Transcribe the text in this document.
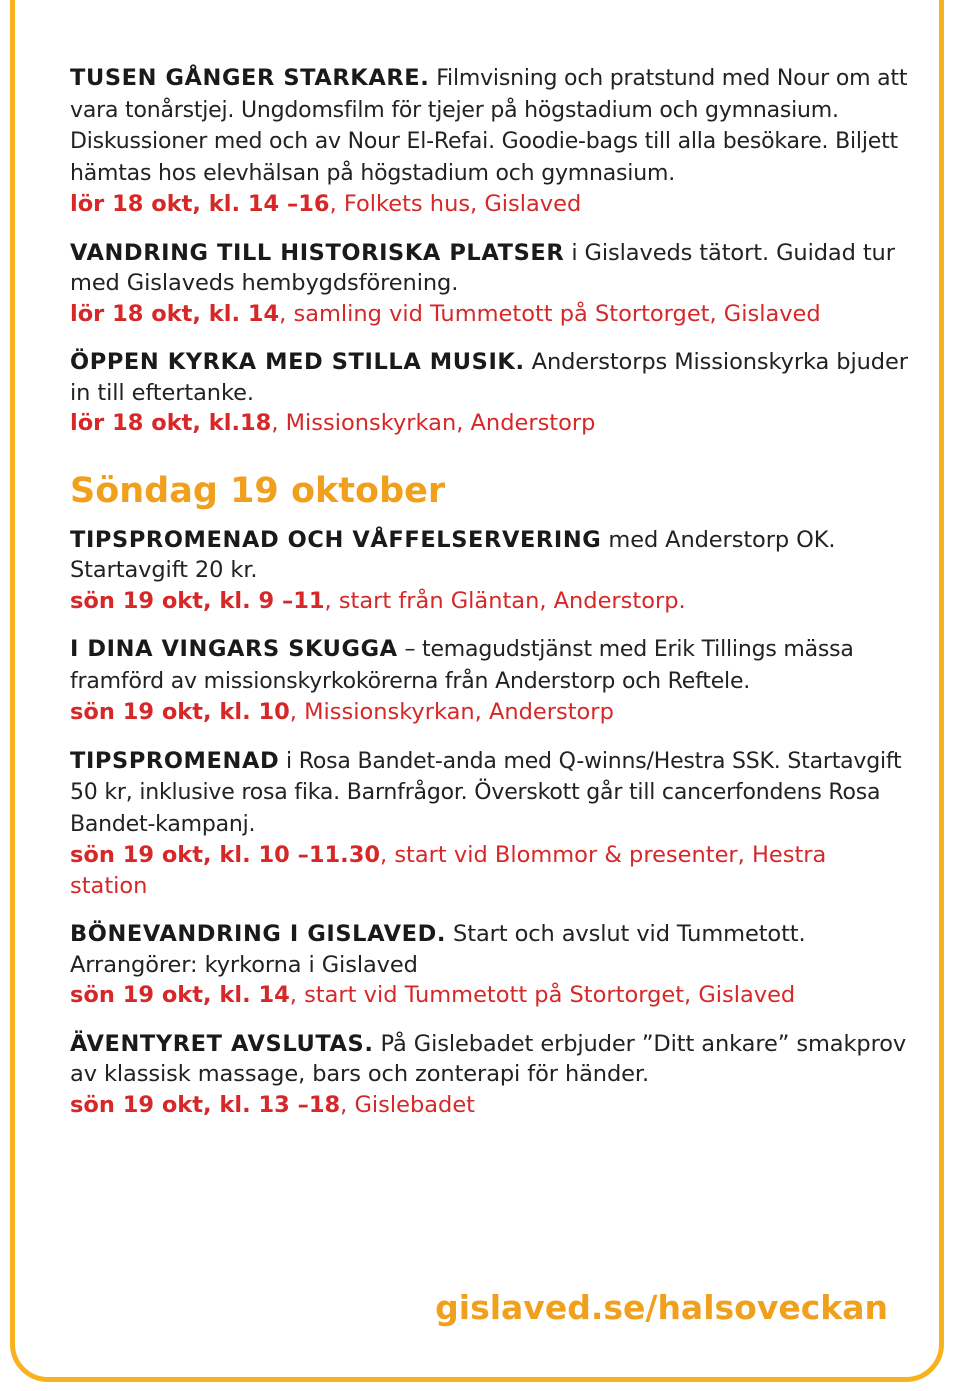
TUSEN GÅNGER STARKARE. Filmvisning och pratstund med Nour om att vara tonårstjej. Ungdomsfilm för tjejer på högstadium och gymnasium. Diskussioner med och av Nour El-Refai. Goodie-bags till alla besökare. Biljett hämtas hos elevhälsan på högstadium och gymnasium.

lör 18 okt, kl. 14 –16, Folkets hus, Gislaved

VANDRING TILL HISTORISKA PLATSER i Gislaveds tätort. Guidad tur med Gislaveds hembygdsförening.

lör 18 okt, kl. 14, samling vid Tummetott på Stortorget, Gislaved

ÖPPEN KYRKA MED STILLA MUSIK. Anderstorps Missionskyrka bjuder in till eftertanke.

lör 18 okt, kl.18, Missionskyrkan, Anderstorp

Söndag 19 oktober

TIPSPROMENAD OCH VÅFFELSERVERING med Anderstorp OK. Startavgift 20 kr.

sön 19 okt, kl. 9 –11, start från Gläntan, Anderstorp.

I DINA VINGARS SKUGGA – temagudstjänst med Erik Tillings mässa framförd av missionskyrkokörerna från Anderstorp och Reftele.

sön 19 okt, kl. 10, Missionskyrkan, Anderstorp

TIPSPROMENAD i Rosa Bandet-anda med Q-winns/Hestra SSK. Startavgift 50 kr, inklusive rosa fika. Barnfrågor. Överskott går till cancerfondens Rosa Bandet-kampanj.

sön 19 okt, kl. 10 –11.30, start vid Blommor & presenter, Hestra station

BÖNEVANDRING I GISLAVED. Start och avslut vid Tummetott. Arrangörer: kyrkorna i Gislaved

sön 19 okt, kl. 14, start vid Tummetott på Stortorget, Gislaved

ÄVENTYRET AVSLUTAS. På Gislebadet erbjuder ”Ditt ankare” smakprov av klassisk massage, bars och zonterapi för händer.

sön 19 okt, kl. 13 –18, Gislebadet

gislaved.se/halsoveckan
